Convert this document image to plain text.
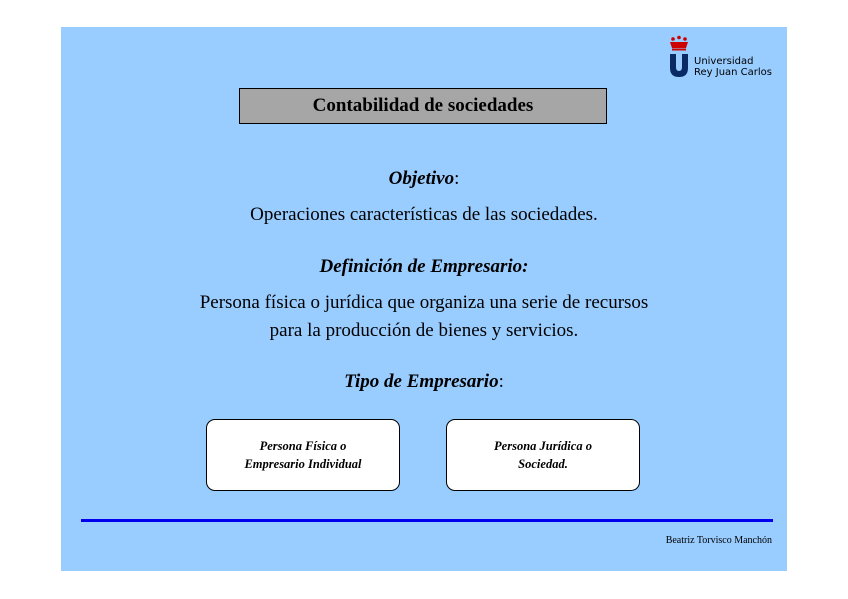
Universidad
Rey Juan Carlos
Contabilidad de sociedades
Objetivo:
Operaciones características de las sociedades.
Definición de Empresario:
Persona física o jurídica que organiza una serie de recursos
para la producción de bienes y servicios.
Tipo de Empresario:
Persona Física o
Empresario Individual
Persona Jurídica o
Sociedad.
Beatriz Torvisco Manchón
